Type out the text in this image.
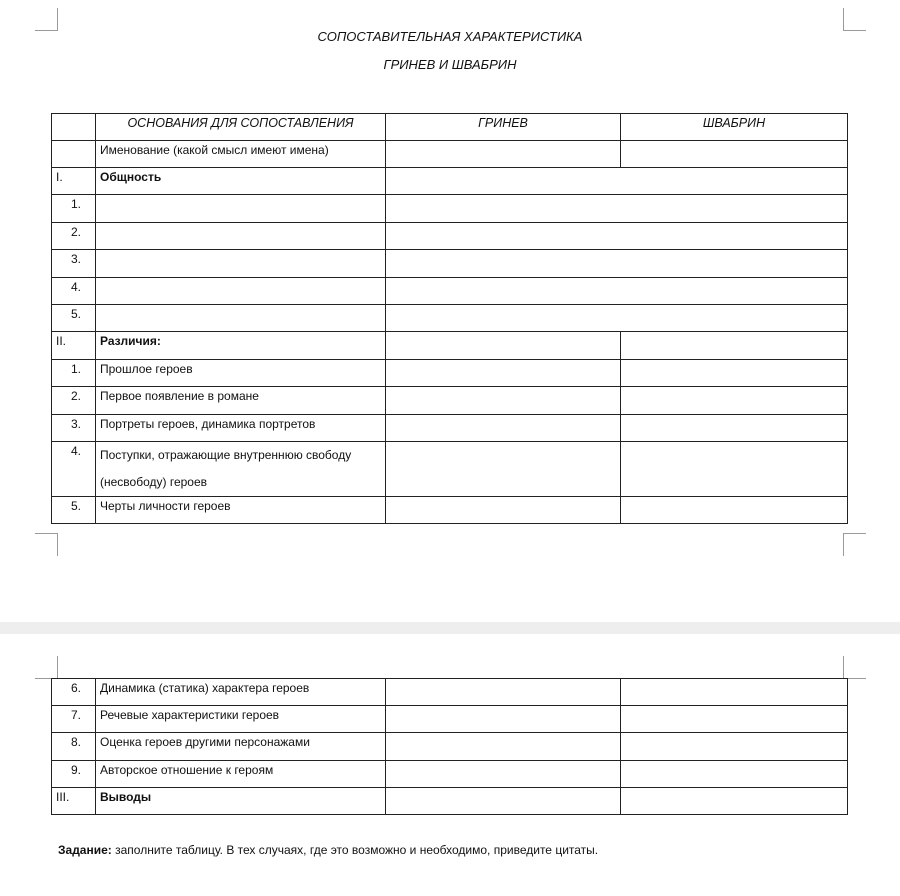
СОПОСТАВИТЕЛЬНАЯ ХАРАКТЕРИСТИКА
ГРИНЕВ И ШВАБРИН
	ОСНОВАНИЯ ДЛЯ СОПОСТАВЛЕНИЯ	ГРИНЕВ	ШВАБРИН
	Именование (какой смысл имеют имена)		
I.	Общность		
1.			
2.			
3.			
4.			
5.			
II.	Различия:		
1.	Прошлое героев		
2.	Первое появление в романе		
3.	Портреты героев, динамика портретов		
4.	Поступки, отражающие внутреннюю свободу (несвободу) героев		
5.	Черты личности героев		
6.	Динамика (статика) характера героев		
7.	Речевые характеристики героев		
8.	Оценка героев другими персонажами		
9.	Авторское отношение к героям		
III.	Выводы		
Задание: заполните таблицу. В тех случаях, где это возможно и необходимо, приведите цитаты.
